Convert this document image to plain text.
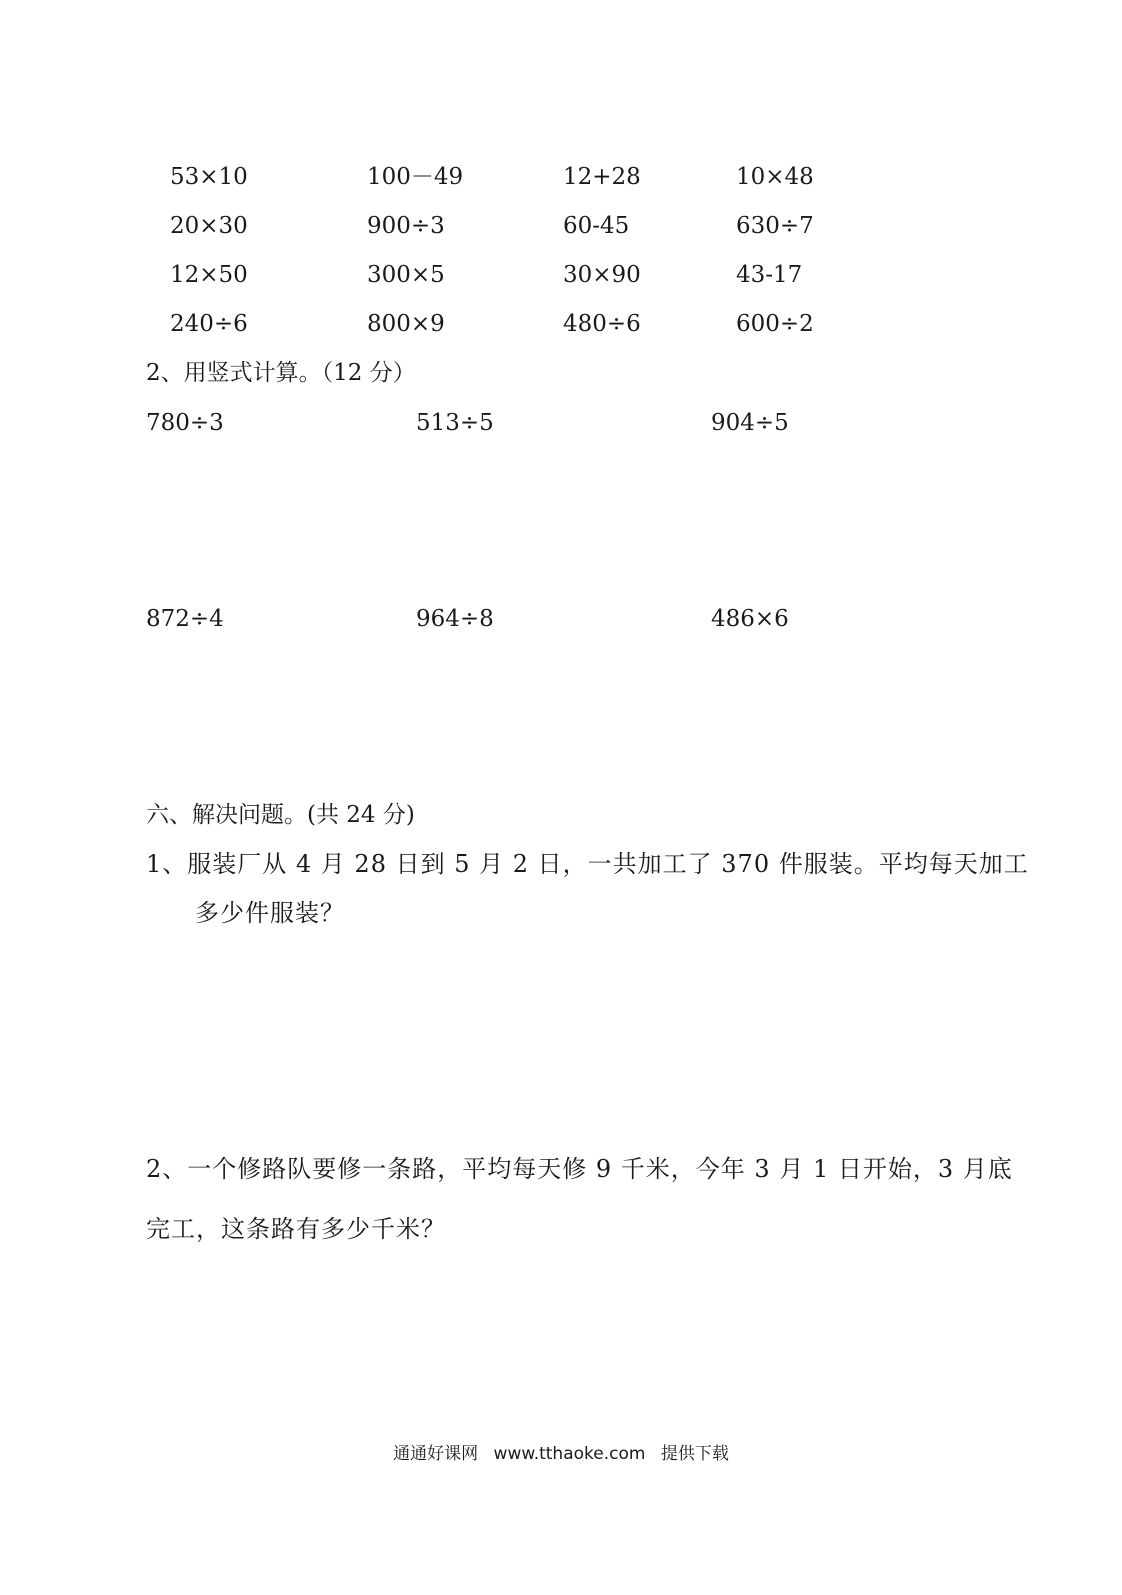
53×10	100－49	12+28	10×48
20×30	900÷3	60-45	630÷7
12×50	300×5	30×90	43-17
240÷6	800×9	480÷6	600÷2
2、用竖式计算。（12 分）
780÷3	513÷5	904÷5
872÷4	964÷8	486×6
六、解决问题。(共 24 分)
1、服装厂从 4 月 28 日到 5 月 2 日，一共加工了 370 件服装。平均每天加工
多少件服装？
2、一个修路队要修一条路，平均每天修 9 千米，今年 3 月 1 日开始，3 月底
完工，这条路有多少千米？
通通好课网 www.tthaoke.com 提供下载
